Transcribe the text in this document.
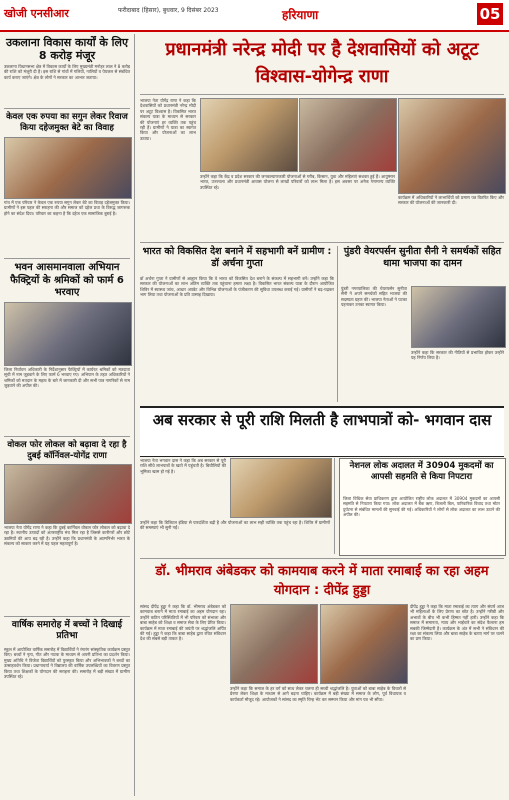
खोजी एनसीआर	फरीदाबाद (हिसार), बुधवार, 9 दिसंबर 2023	हरियाणा	05
उकलाना विकास कार्यों के लिए 8 करोड़ मंजूर

उकलाना विधानसभा क्षेत्र में विकास कार्यों के लिए मुख्यमंत्री मनोहर लाल ने 8 करोड़ की राशि को मंजूरी दी है। इस राशि से गांवों में गलियों, नालियों व पेयजल से संबंधित कार्य कराए जाएंगे। क्षेत्र के लोगों ने सरकार का आभार जताया।

केवल एक रुपया का सगुन लेकर रिवाज किया दहेजमुक्त बेटे का विवाह

गांव में एक परिवार ने केवल एक रुपया सगुन लेकर बेटे का विवाह दहेजमुक्त किया। ग्रामीणों ने इस पहल की सराहना की और समाज को दहेज प्रथा के विरुद्ध जागरूक होने का संदेश दिया। परिवार का कहना है कि दहेज एक सामाजिक बुराई है।

भवन आसमानवाला अभियान फैक्ट्रियों के श्रमिकों को फार्म 6 भरवाए

जिला निर्वाचन अधिकारी के निर्देशानुसार फैक्ट्रियों में कार्यरत श्रमिकों को मतदाता सूची में नाम जुड़वाने के लिए फार्म 6 भरवाए गए। अभियान के तहत अधिकारियों ने श्रमिकों को मतदान के महत्व के बारे में जानकारी दी और सभी पात्र नागरिकों से नाम जुड़वाने की अपील की।

वोकल फोर लोकल को बढ़ावा दे रहा है दुबई कॉर्निवल-योगेंद्र राणा

भाजपा नेता योगेंद्र राणा ने कहा कि दुबई कार्निवल वोकल फोर लोकल को बढ़ावा दे रहा है। स्थानीय उत्पादों को अंतरराष्ट्रीय मंच मिल रहा है जिससे कारीगरों और छोटे उद्यमियों की आय बढ़ रही है। उन्होंने कहा कि प्रधानमंत्री के आत्मनिर्भर भारत के संकल्प को साकार करने में यह पहल महत्वपूर्ण है।

वार्षिक समारोह में बच्चों ने दिखाई प्रतिभा

स्कूल में आयोजित वार्षिक समारोह में विद्यार्थियों ने रंगारंग सांस्कृतिक कार्यक्रम प्रस्तुत किए। बच्चों ने नृत्य, गीत और नाटक के माध्यम से अपनी प्रतिभा का प्रदर्शन किया। मुख्य अतिथि ने विजेता विद्यार्थियों को पुरस्कृत किया और अभिभावकों ने बच्चों का उत्साहवर्धन किया। प्रधानाचार्य ने विद्यालय की वार्षिक उपलब्धियों का विवरण प्रस्तुत किया तथा शिक्षकों के योगदान की सराहना की। समारोह में बड़ी संख्या में ग्रामीण उपस्थित रहे।

प्रधानमंत्री नरेन्द्र मोदी पर है देशवासियों को अटूट विश्वास-योगेन्द्र राणा

भाजपा नेता योगेंद्र राणा ने कहा कि देशवासियों को प्रधानमंत्री नरेन्द्र मोदी पर अटूट विश्वास है। विकसित भारत संकल्प यात्रा के माध्यम से सरकार की योजनाएं हर व्यक्ति तक पहुंच रही हैं। ग्रामीणों ने यात्रा का स्वागत किया और योजनाओं का लाभ उठाया।

उन्होंने कहा कि केंद्र व प्रदेश सरकार की जनकल्याणकारी योजनाओं से गरीब, किसान, युवा और महिलाएं सशक्त हुई हैं। आयुष्मान भारत, उज्ज्वला और प्रधानमंत्री आवास योजना से लाखों परिवारों को लाभ मिला है। इस अवसर पर अनेक गणमान्य व्यक्ति उपस्थित रहे।

कार्यक्रम में अधिकारियों ने लाभार्थियों को प्रमाण पत्र वितरित किए और सरकार की योजनाओं की जानकारी दी।

भारत को विकसित देश बनाने में सहभागी बनें ग्रामीण : डॉ अर्चना गुप्ता

डॉ अर्चना गुप्ता ने ग्रामीणों से आह्वान किया कि वे भारत को विकसित देश बनाने के संकल्प में सहभागी बनें। उन्होंने कहा कि सरकार की योजनाओं का लाभ अंतिम व्यक्ति तक पहुंचाना हमारा लक्ष्य है। विकसित भारत संकल्प यात्रा के दौरान आयोजित शिविर में स्वास्थ्य जांच, आधार अपडेट और विभिन्न योजनाओं के पंजीकरण की सुविधा उपलब्ध कराई गई। ग्रामीणों ने बढ़-चढ़कर भाग लिया तथा योजनाओं के प्रति उत्साह दिखाया।

पुंडरी वेयरपर्सन सुनीता सैनी ने समर्थकों सहित थामा भाजपा का दामन

पुंडरी नगरपालिका की चेयरपर्सन सुनीता सैनी ने अपने समर्थकों सहित भाजपा की सदस्यता ग्रहण की। भाजपा नेताओं ने पटका पहनाकर उनका स्वागत किया।

उन्होंने कहा कि सरकार की नीतियों से प्रभावित होकर उन्होंने यह निर्णय लिया है।

अब सरकार से पूरी राशि मिलती है लाभपात्रों को- भगवान दास

भाजपा नेता भगवान दास ने कहा कि अब सरकार से पूरी राशि सीधे लाभपात्रों के खाते में पहुंचती है। बिचौलियों की भूमिका खत्म हो गई है।

उन्होंने कहा कि डिजिटल इंडिया से पारदर्शिता बढ़ी है और योजनाओं का लाभ सही व्यक्ति तक पहुंच रहा है। शिविर में ग्रामीणों की समस्याएं भी सुनी गईं।

नेशनल लोक अदालत में 30904 मुकदमों का आपसी सहमति से किया निपटारा

जिला विधिक सेवा प्राधिकरण द्वारा आयोजित राष्ट्रीय लोक अदालत में 30904 मुकदमों का आपसी सहमति से निपटारा किया गया। लोक अदालत में बैंक ऋण, बिजली बिल, पारिवारिक विवाद तथा मोटर दुर्घटना से संबंधित मामलों की सुनवाई की गई। अधिकारियों ने लोगों से लोक अदालत का लाभ उठाने की अपील की।

डॉ. भीमराव अंबेडकर को कामयाब करने में माता रमाबाई का रहा अहम योगदान : दीपेंद्र हुड्डा

सांसद दीपेंद्र हुड्डा ने कहा कि डॉ. भीमराव अंबेडकर को कामयाब बनाने में माता रमाबाई का अहम योगदान रहा। उन्होंने कठिन परिस्थितियों में भी परिवार को संभाला और बाबा साहेब को शिक्षा व समाज सेवा के लिए प्रेरित किया। कार्यक्रम में माता रमाबाई की जयंती पर श्रद्धांजलि अर्पित की गई। हुड्डा ने कहा कि बाबा साहेब द्वारा रचित संविधान देश की सबसे बड़ी ताकत है।

उन्होंने कहा कि समाज के हर वर्ग को साथ लेकर चलना ही सच्ची श्रद्धांजलि है। युवाओं को बाबा साहेब के विचारों से प्रेरणा लेकर शिक्षा के माध्यम से आगे बढ़ना चाहिए। कार्यक्रम में बड़ी संख्या में समाज के लोग, पूर्व विधायक व कार्यकर्ता मौजूद रहे। आयोजकों ने सांसद का स्मृति चिन्ह भेंट कर सम्मान किया और मांग पत्र भी सौंपा।

दीपेंद्र हुड्डा ने कहा कि माता रमाबाई का त्याग और संघर्ष आज भी महिलाओं के लिए प्रेरणा का स्रोत है। उन्होंने गरीबी और अभावों के बीच भी कभी हिम्मत नहीं हारी। उन्होंने कहा कि समाज में समानता, न्याय और भाईचारे का संदेश फैलाना हम सबकी जिम्मेदारी है। कार्यक्रम के अंत में सभी ने संविधान की रक्षा का संकल्प लिया और बाबा साहेब के बताए मार्ग पर चलने का प्रण किया।
